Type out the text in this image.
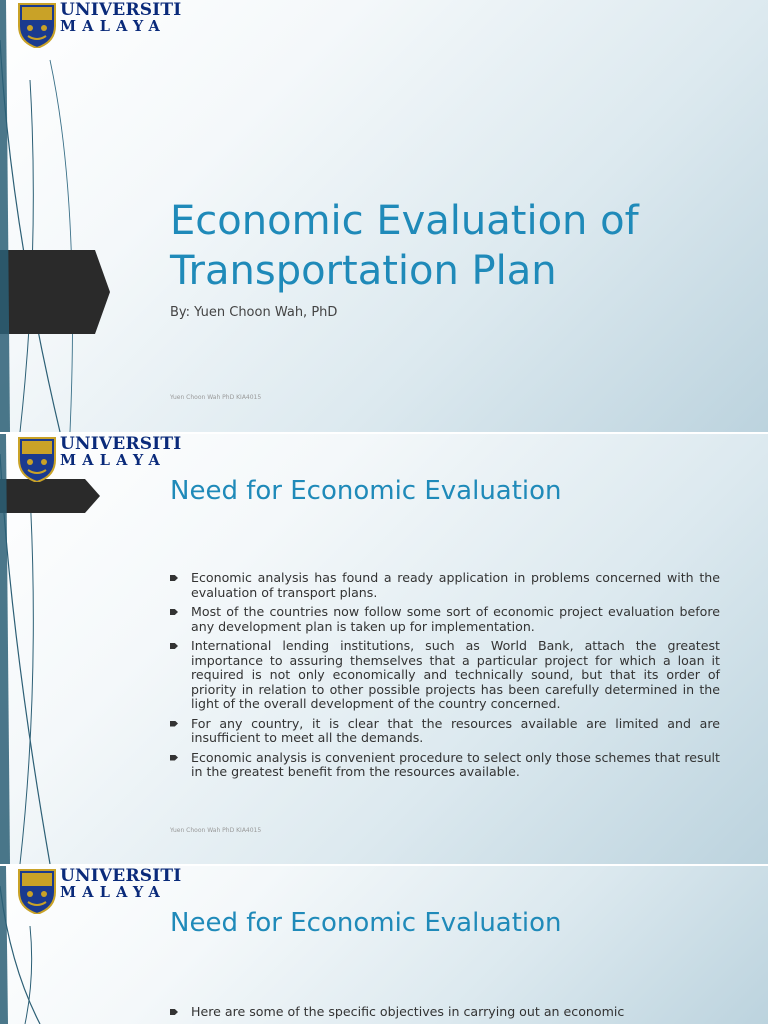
UNIVERSITI
MALAYA
Economic Evaluation of Transportation Plan
By: Yuen Choon Wah, PhD
Yuen Choon Wah PhD KIA4015
UNIVERSITI
MALAYA
Need for Economic Evaluation
Economic analysis has found a ready application in problems concerned with the evaluation of transport plans.
Most of the countries now follow some sort of economic project evaluation before any development plan is taken up for implementation.
International lending institutions, such as World Bank, attach the greatest importance to assuring themselves that a particular project for which a loan it required is not only economically and technically sound, but that its order of priority in relation to other possible projects has been carefully determined in the light of the overall development of the country concerned.
For any country, it is clear that the resources available are limited and are insufficient to meet all the demands.
Economic analysis is convenient procedure to select only those schemes that result in the greatest benefit from the resources available.
Yuen Choon Wah PhD KIA4015
UNIVERSITI
MALAYA
Need for Economic Evaluation
Here are some of the specific objectives in carrying out an economic
